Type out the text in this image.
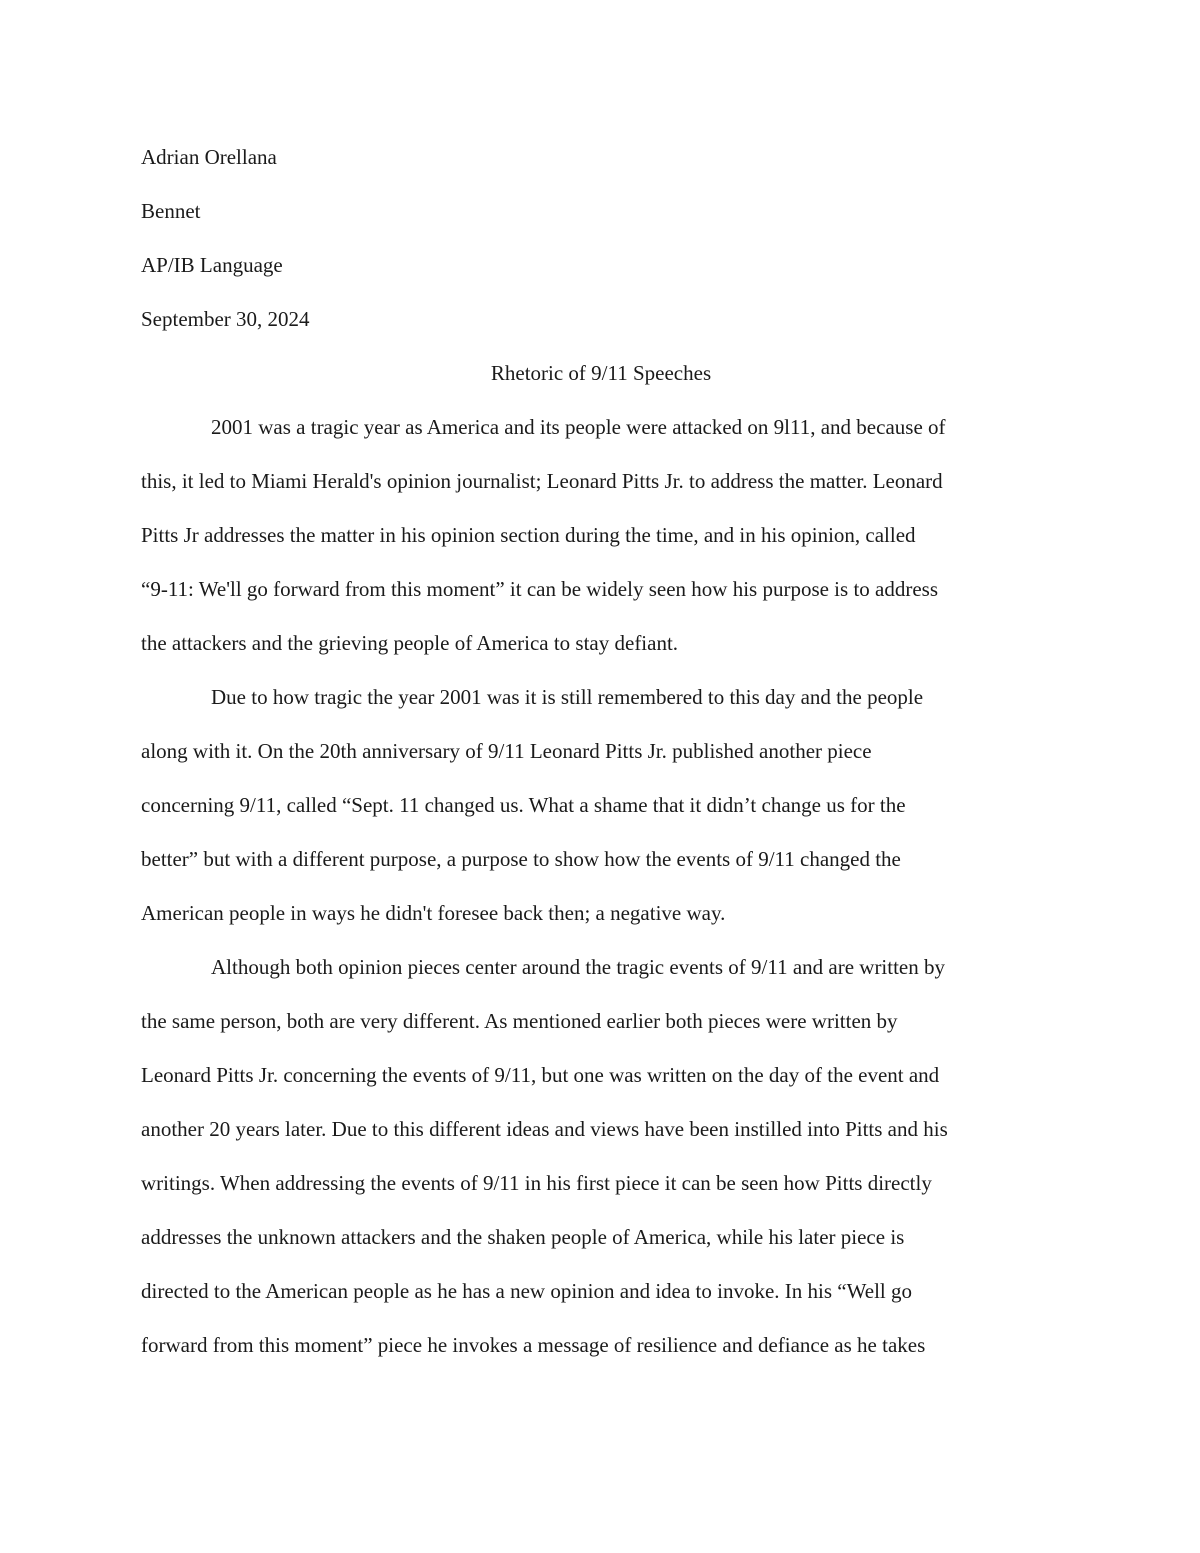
Adrian Orellana

Bennet

AP/IB Language

September 30, 2024

Rhetoric of 9/11 Speeches

2001 was a tragic year as America and its people were attacked on 9l11, and because of

this, it led to Miami Herald's opinion journalist; Leonard Pitts Jr. to address the matter. Leonard

Pitts Jr addresses the matter in his opinion section during the time, and in his opinion, called

“9-11: We'll go forward from this moment” it can be widely seen how his purpose is to address

the attackers and the grieving people of America to stay defiant.

Due to how tragic the year 2001 was it is still remembered to this day and the people

along with it. On the 20th anniversary of 9/11 Leonard Pitts Jr. published another piece

concerning 9/11, called “Sept. 11 changed us. What a shame that it didn’t change us for the

better” but with a different purpose, a purpose to show how the events of 9/11 changed the

American people in ways he didn't foresee back then; a negative way.

Although both opinion pieces center around the tragic events of 9/11 and are written by

the same person, both are very different. As mentioned earlier both pieces were written by

Leonard Pitts Jr. concerning the events of 9/11, but one was written on the day of the event and

another 20 years later. Due to this different ideas and views have been instilled into Pitts and his

writings. When addressing the events of 9/11 in his first piece it can be seen how Pitts directly

addresses the unknown attackers and the shaken people of America, while his later piece is

directed to the American people as he has a new opinion and idea to invoke. In his “Well go

forward from this moment” piece he invokes a message of resilience and defiance as he takes
